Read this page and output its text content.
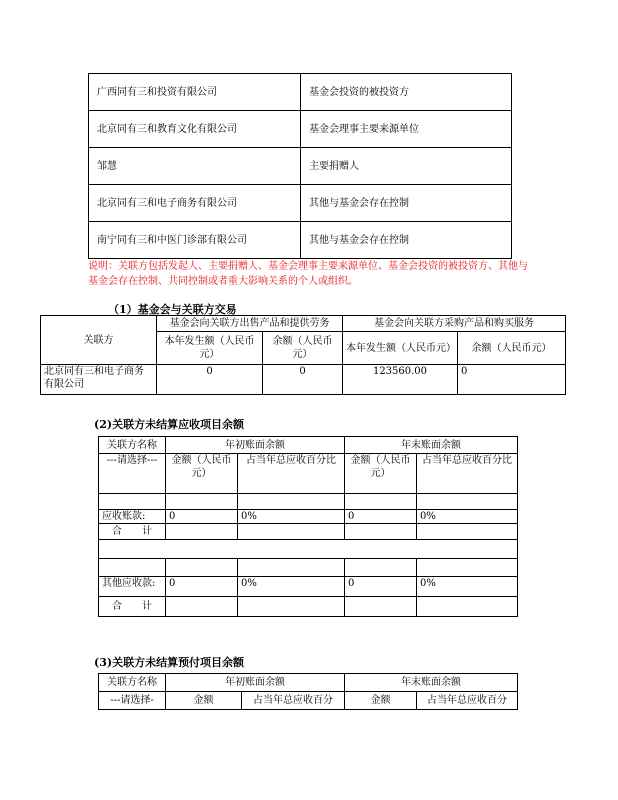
广西同有三和投资有限公司	基金会投资的被投资方
北京同有三和教育文化有限公司	基金会理事主要来源单位
邹慧	主要捐赠人
北京同有三和电子商务有限公司	其他与基金会存在控制
南宁同有三和中医门诊部有限公司	其他与基金会存在控制
说明：关联方包括发起人、主要捐赠人、基金会理事主要来源单位、基金会投资的被投资方、其他与基金会存在控制、共同控制或者重大影响关系的个人或组织。
（1）基金会与关联方交易
关联方	基金会向关联方出售产品和提供劳务		基金会向关联方采购产品和购买服务	
	本年发生额（人民币元）	余额（人民币元）	本年发生额（人民币元）	余额（人民币元）
北京同有三和电子商务有限公司	0	0	123560.00	0
(2)关联方未结算应收项目余额
关联方名称	年初账面余额		年末账面余额	
---请选择---	金额（人民币元）	占当年总应收百分比	金额（人民币元）	占当年总应收百分比

应收账款:	0	0%	0	0%
合　　计				

其他应收款:	0	0%	0	0%
合　　计				
(3)关联方未结算预付项目余额
关联方名称	年初账面余额		年末账面余额	
---请选择-	金额	占当年总应收百分	金额	占当年总应收百分
